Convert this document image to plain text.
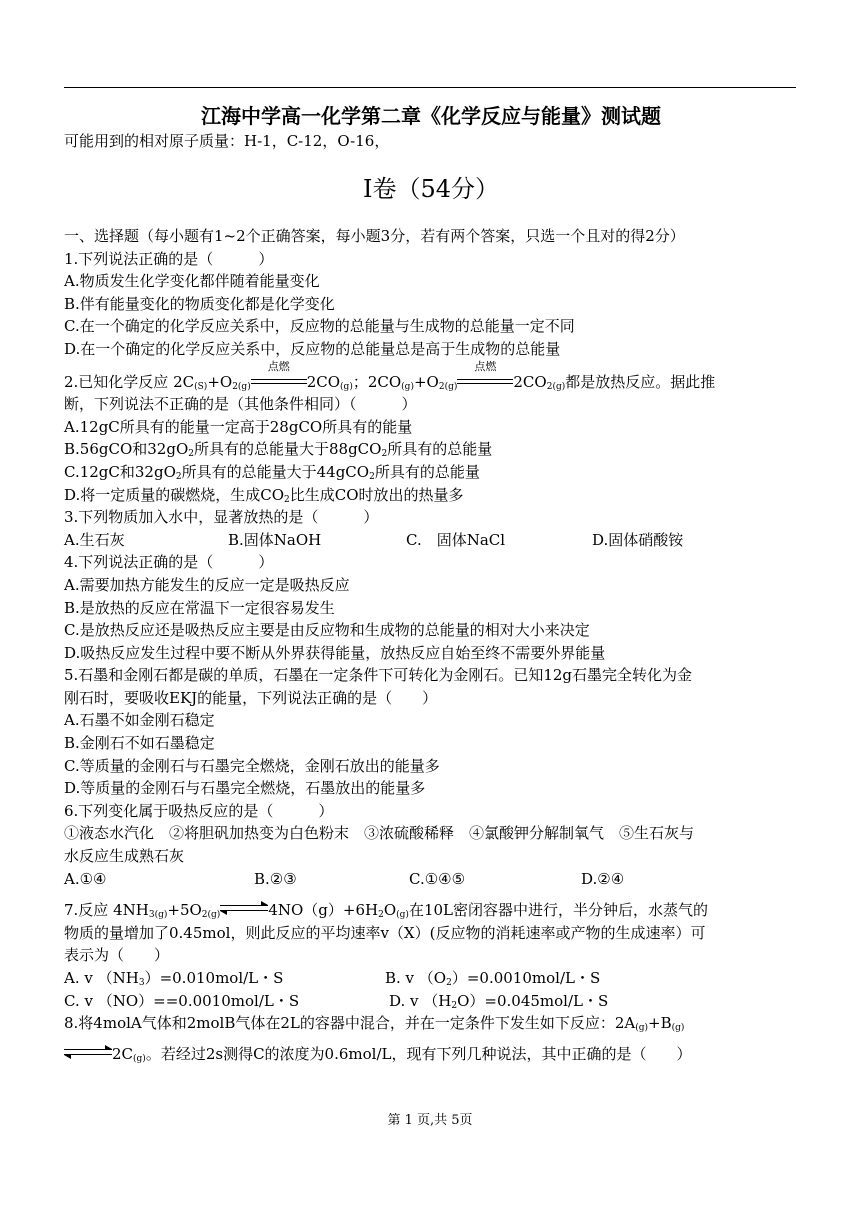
江海中学高一化学第二章《化学反应与能量》测试题

可能用到的相对原子质量：H-1，C-12，O-16，

I卷（54分）

一、选择题（每小题有1~2个正确答案，每小题3分，若有两个答案，只选一个且对的得2分）

1.下列说法正确的是（　　　）

A.物质发生化学变化都伴随着能量变化

B.伴有能量变化的物质变化都是化学变化

C.在一个确定的化学反应关系中，反应物的总能量与生成物的总能量一定不同

D.在一个确定的化学反应关系中，反应物的总能量总是高于生成物的总能量

2.已知化学反应 $2C_{(S)}+O_{2(g)}$
点燃
$2CO_{(g)}$；$2CO_{(g)}+O_{2(g)}$
点燃
$2CO_{2(g)}$都是放热反应。据此推

断，下列说法不正确的是（其他条件相同）（　　　）

A.12gC所具有的能量一定高于28gCO所具有的能量

B.56gCO和$32gO_2$所具有的总能量大于88gCO$_2$所具有的总能量

C.12gC和$32gO_2$所具有的总能量大于44gCO$_2$所具有的总能量

D.将一定质量的碳燃烧，生成$CO_2$比生成CO时放出的热量多

3.下列物质加入水中，显著放热的是（　　　）

A.生石灰	B.固体NaOH	C.　固体NaCl	D.固体硝酸铵

4.下列说法正确的是（　　　）

A.需要加热方能发生的反应一定是吸热反应

B.是放热的反应在常温下一定很容易发生

C.是放热反应还是吸热反应主要是由反应物和生成物的总能量的相对大小来决定

D.吸热反应发生过程中要不断从外界获得能量，放热反应自始至终不需要外界能量

5.石墨和金刚石都是碳的单质，石墨在一定条件下可转化为金刚石。已知12g石墨完全转化为金

刚石时，要吸收EKJ的能量，下列说法正确的是（　　）

A.石墨不如金刚石稳定

B.金刚石不如石墨稳定

C.等质量的金刚石与石墨完全燃烧，金刚石放出的能量多

D.等质量的金刚石与石墨完全燃烧，石墨放出的能量多

6.下列变化属于吸热反应的是（　　　）

①液态水汽化　②将胆矾加热变为白色粉末　③浓硫酸稀释　④氯酸钾分解制氧气　⑤生石灰与

水反应生成熟石灰

A.①④	B.②③	C.①④⑤	D.②④

7.反应 $4NH_{3(g)}+5O_{2(g)}\rightleftharpoons 4NO(g)+6H_2O_{(g)}$在10L密闭容器中进行，半分钟后，水蒸气的

物质的量增加了0.45mol，则此反应的平均速率v（X）(反应物的消耗速率或产物的生成速率）可

表示为（　　）

A. v $(NH_3)=0.010mol/L$・S	B. v $(O_2)=0.0010mol/L$・S
C. v （NO）==0.0010mol/L・S	D. v $(H_2O)=0.045mol/L$・S

8.将4molA气体和2molB气体在2L的容器中混合，并在一定条件下发生如下反应：$2A_{(g)}+B_{(g)}$

$\rightleftharpoons 2C_{(g)}$。若经过2s测得C的浓度为0.6mol/L，现有下列几种说法，其中正确的是（　　）

第 1 页,共 5页
